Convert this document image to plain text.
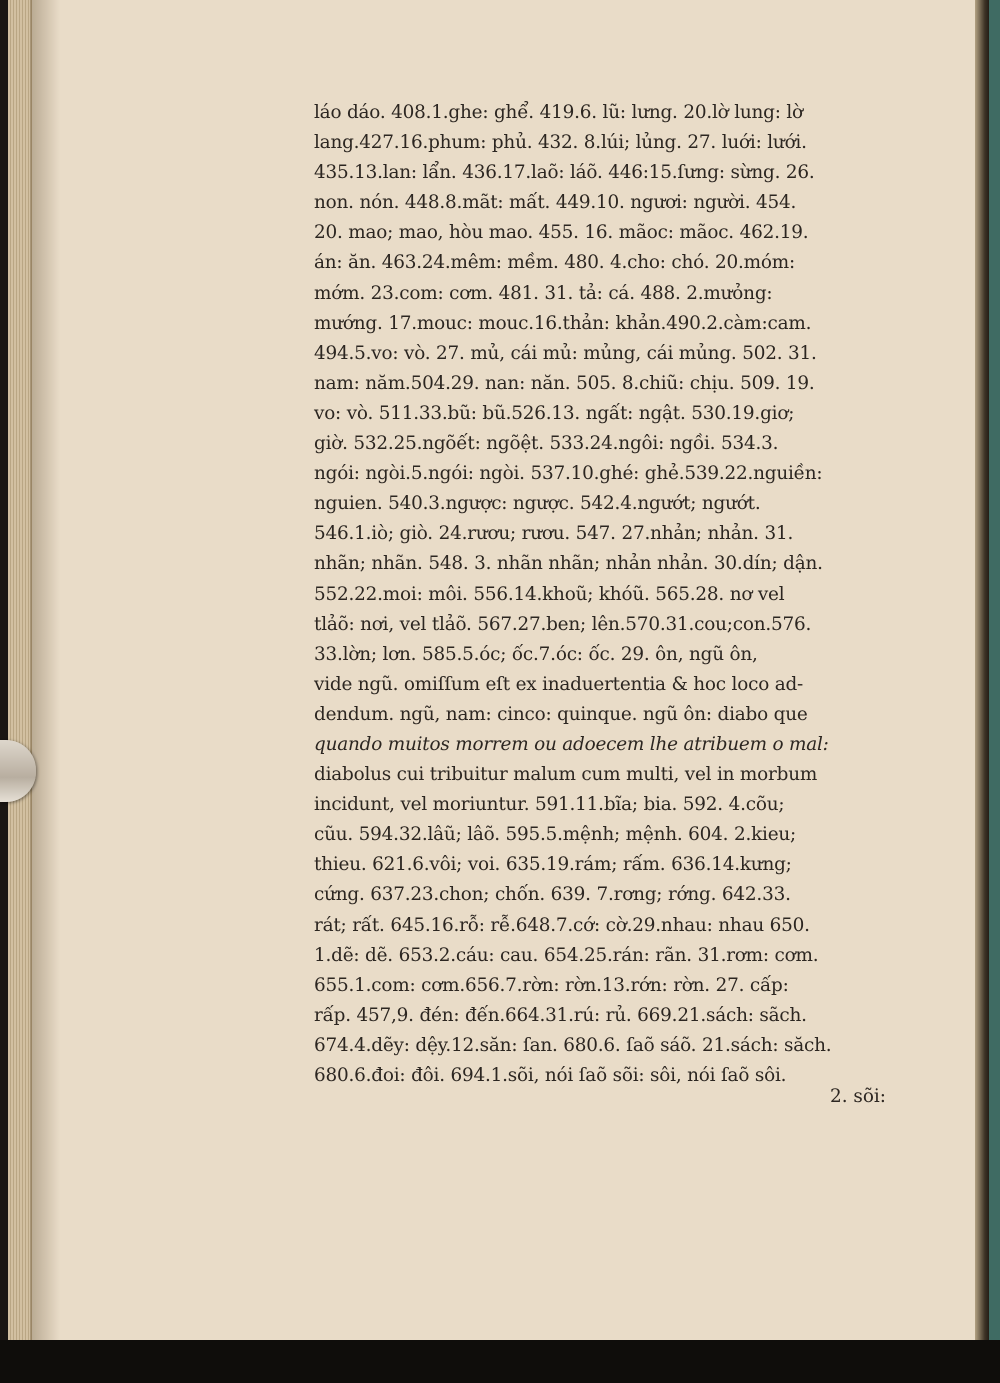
láo dáo. 408.1.ghe: ghể. 419.6. lũ: lưng. 20.lờ lung: lờ
lang.427.16.phum: phủ. 432. 8.lúi; lủng. 27. luới: lưới.
435.13.lan: lẩn. 436.17.laõ: láõ. 446:15.ſưng: sừng. 26.
non. nón. 448.8.mãt: mất. 449.10. ngươi: người. 454.
20. mao; mao, hòu mao. 455. 16. mãoc: mãoc. 462.19.
án: ăn. 463.24.mêm: mềm. 480. 4.cho: chó. 20.móm:
mớm. 23.com: cơm. 481. 31. tả: cá. 488. 2.mưỏng:
mướng. 17.mouc: mouc.16.thản: khản.490.2.càm:cam.
494.5.vo: vò. 27. mủ, cái mủ: mủng, cái mủng. 502. 31.
nam: năm.504.29. nan: năn. 505. 8.chiũ: chịu. 509. 19.
vo: vò. 511.33.bũ: bũ.526.13. ngất: ngật. 530.19.giơ;
giờ. 532.25.ngõết: ngõệt. 533.24.ngôi: ngồi. 534.3.
ngói: ngòi.5.ngói: ngòi. 537.10.ghé: ghẻ.539.22.nguiền:
nguien. 540.3.ngược: ngược. 542.4.ngướt; ngướt.
546.1.iò; giò. 24.rươu; rươu. 547. 27.nhản; nhản. 31.
nhãn; nhãn. 548. 3. nhãn nhãn; nhản nhản. 30.dín; dận.
552.22.moi: môi. 556.14.khoũ; khóũ. 565.28. nơ vel
tlảõ: nơi, vel tlảõ. 567.27.ben; lên.570.31.cou;con.576.
33.lờn; lơn. 585.5.óc; ốc.7.óc: ốc. 29. ôn, ngũ ôn,
vide ngũ. omiſſum eſt ex inaduertentia & hoc loco ad-
dendum. ngũ, nam: cinco: quinque. ngũ ôn: diabo que
quando muitos morrem ou adoecem lhe atribuem o mal:
diabolus cui tribuitur malum cum multi, vel in morbum
incidunt, vel moriuntur. 591.11.bĩa; bia. 592. 4.cõu;
cũu. 594.32.lâũ; lâõ. 595.5.mệnh; mệnh. 604. 2.kieu;
thieu. 621.6.vôi; voi. 635.19.rám; rấm. 636.14.kưng;
cứng. 637.23.chon; chốn. 639. 7.rơng; rớng. 642.33.
rát; rất. 645.16.rỗ: rễ.648.7.cớ: cờ.29.nhau: nhau 650.
1.dẽ: dẽ. 653.2.cáu: cau. 654.25.rán: rãn. 31.rơm: cơm.
655.1.com: cơm.656.7.rờn: rờn.13.rớn: rờn. 27. cấp:
rấp. 457,9. đén: đến.664.31.rú: rủ. 669.21.sách: sãch.
674.4.dẽy: dệy.12.săn: ſan. 680.6. ſaõ sáõ. 21.sách: săch.
680.6.đoi: đôi. 694.1.sõi, nói ſaõ sõi: sôi, nói ſaõ sôi.
2. sõi:
